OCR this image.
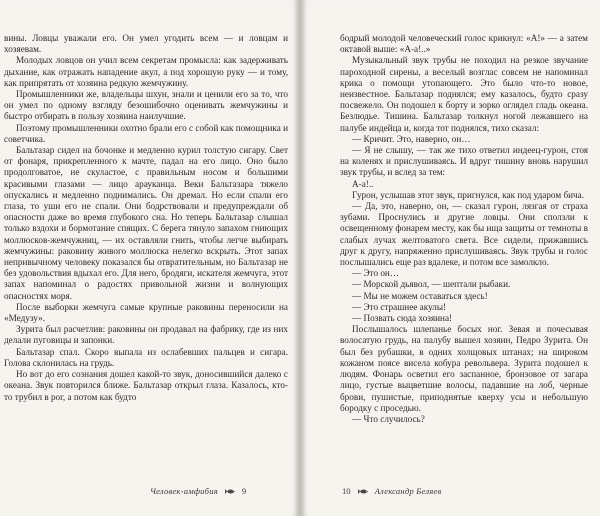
вины. Ловцы уважали его. Он умел угодить всем — и ловцам и хозяевам.

Молодых ловцов он учил всем секретам промысла: как задерживать дыхание, как отражать нападение акул, а под хорошую руку — и тому, как припрятать от хозяина редкую жемчужину.

Промышленники же, владельцы шхун, знали и ценили его за то, что он умел по одному взгляду безошибочно оценивать жемчужины и быстро отбирать в пользу хозяина наилучшие.

Поэтому промышленники охотно брали его с собой как помощника и советчика.

Бальтазар сидел на бочонке и медленно курил толстую сигару. Свет от фонаря, прикрепленного к мачте, падал на его лицо. Оно было продолговатое, не скуластое, с правильным носом и большими красивыми глазами — лицо арауканца. Веки Бальтазара тяжело опускались и медленно поднимались. Он дремал. Но если спали его глаза, то уши его не спали. Они бодрствовали и предупреждали об опасности даже во время глубокого сна. Но теперь Бальтазар слышал только вздохи и бормотание спящих. С берега тянуло запахом гниющих моллюсков-жемчужниц, — их оставляли гнить, чтобы легче выбирать жемчужины: раковину живого моллюска нелегко вскрыть. Этот запах непривычному человеку показался бы отвратительным, но Бальтазар не без удовольствия вдыхал его. Для него, бродяги, искателя жемчуга, этот запах напоминал о радостях привольной жизни и волнующих опасностях моря.

После выборки жемчуга самые крупные раковины переносили на «Медузу».

Зурита был расчетлив: раковины он продавал на фабрику, где из них делали пуговицы и запонки.

Бальтазар спал. Скоро выпала из ослабевших пальцев и сигара. Голова склонилась на грудь.

Но вот до его сознания дошел какой-то звук, доносившийся далеко с океана. Звук повторился ближе. Бальтазар открыл глаза. Казалось, кто-то трубил в рог, а потом как будто

Человек-амфибия	9

бодрый молодой человеческий голос крикнул: «А!» — а затем октавой выше: «А-а!..»

Музыкальный звук трубы не походил на резкое звучание пароходной сирены, а веселый возглас совсем не напоминал крика о помощи утопающего. Это было что-то новое, неизвестное. Бальтазар поднялся; ему казалось, будто сразу посвежело. Он подошел к борту и зорко оглядел гладь океана. Безлюдье. Тишина. Бальтазар толкнул ногой лежавшего на палубе индейца и, когда тот поднялся, тихо сказал:

— Кричит. Это, наверно, он…

— Я не слышу, — так же тихо ответил индеец-гурон, стоя на коленях и прислушиваясь. И вдруг тишину вновь нарушил звук трубы, и вслед за тем:

А-а!..

Гурон, услышав этот звук, пригнулся, как под ударом бича.

— Да, это, наверно, он, — сказал гурон, лязгая от страха зубами. Проснулись и другие ловцы. Они сползли к освещенному фонарем месту, как бы ища защиты от темноты в слабых лучах желтоватого света. Все сидели, прижавшись друг к другу, напряженно прислушиваясь. Звук трубы и голос послышались еще раз вдалеке, и потом все замолкло.

— Это он…

— Морской дьявол, — шептали рыбаки.

— Мы не можем оставаться здесь!

— Это страшнее акулы!

— Позвать сюда хозяина!

Послышалось шлепанье босых ног. Зевая и почесывая волосатую грудь, на палубу вышел хозяин, Педро Зурита. Он был без рубашки, в одних холщовых штанах; на широком кожаном поясе висела кобура револьвера. Зурита подошел к людям. Фонарь осветил его заспанное, бронзовое от загара лицо, густые выцветшие волосы, падавшие на лоб, черные брови, пушистые, приподнятые кверху усы и небольшую бородку с проседью.

— Что случилось?

10	Александр Беляев
